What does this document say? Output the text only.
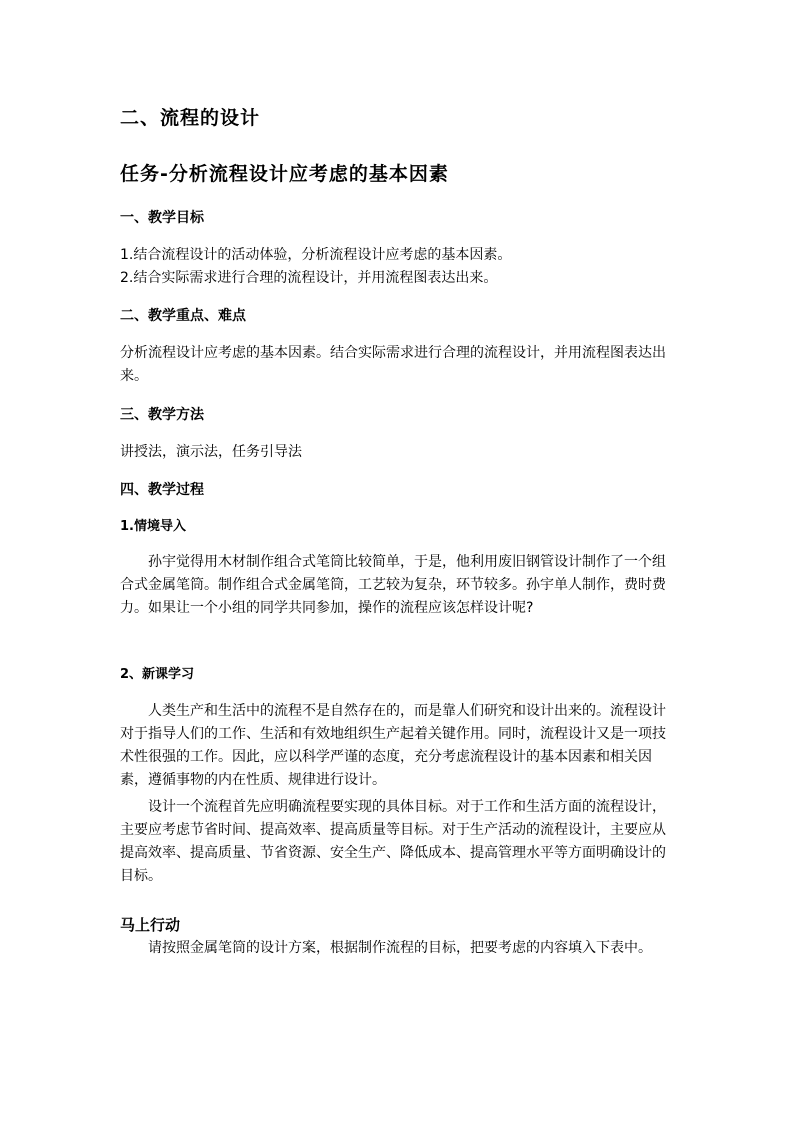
二、流程的设计
任务-分析流程设计应考虑的基本因素
一、教学目标
1.结合流程设计的活动体验，分析流程设计应考虑的基本因素。
2.结合实际需求进行合理的流程设计，并用流程图表达出来。
二、教学重点、难点
分析流程设计应考虑的基本因素。结合实际需求进行合理的流程设计，并用流程图表达出来。
三、教学方法
讲授法，演示法，任务引导法
四、教学过程
1.情境导入
孙宇觉得用木材制作组合式笔筒比较简单，于是，他利用废旧钢管设计制作了一个组合式金属笔筒。制作组合式金属笔筒，工艺较为复杂，环节较多。孙宇单人制作，费时费力。如果让一个小组的同学共同参加，操作的流程应该怎样设计呢?
2、新课学习
人类生产和生活中的流程不是自然存在的，而是靠人们研究和设计出来的。流程设计对于指导人们的工作、生活和有效地组织生产起着关键作用。同时，流程设计又是一项技术性很强的工作。因此，应以科学严谨的态度，充分考虑流程设计的基本因素和相关因素，遵循事物的内在性质、规律进行设计。
设计一个流程首先应明确流程要实现的具体目标。对于工作和生活方面的流程设计，主要应考虑节省时间、提高效率、提高质量等目标。对于生产活动的流程设计，主要应从提高效率、提高质量、节省资源、安全生产、降低成本、提高管理水平等方面明确设计的目标。
马上行动
请按照金属笔筒的设计方案，根据制作流程的目标，把要考虑的内容填入下表中。
